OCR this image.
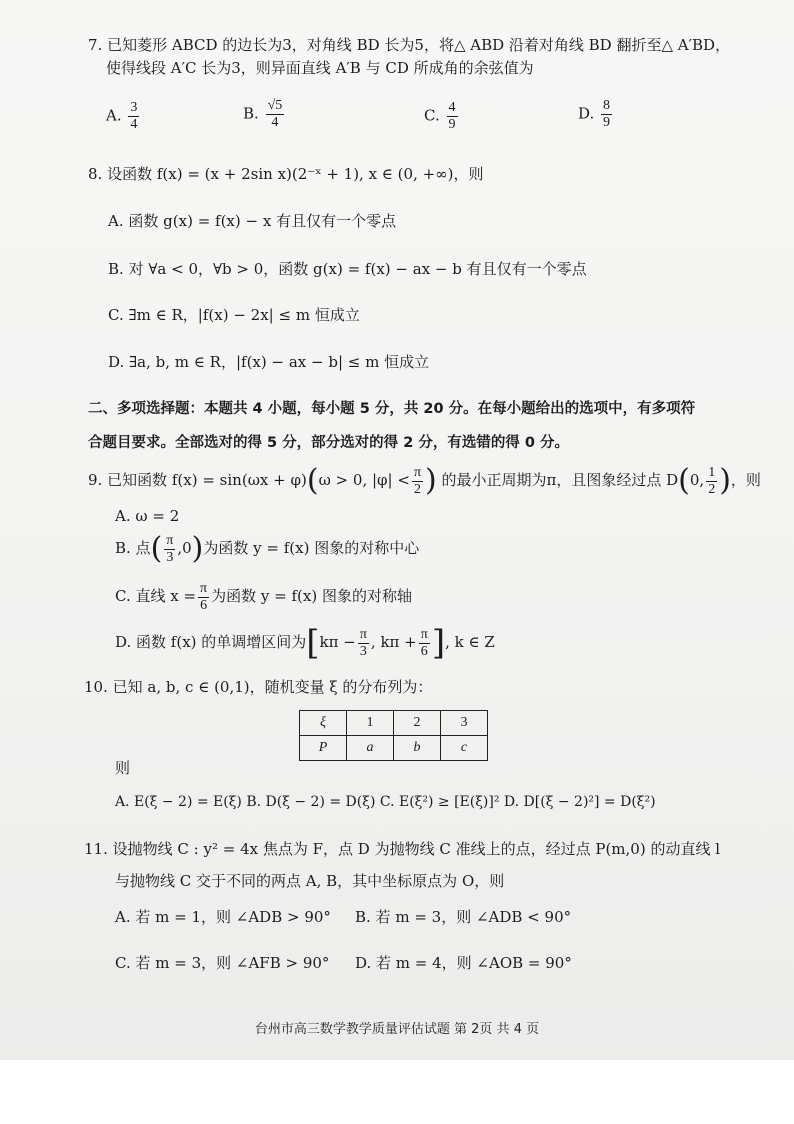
7. 已知菱形 ABCD 的边长为3，对角线 BD 长为5，将△ ABD 沿着对角线 BD 翻折至△ A′BD，
使得线段 A′C 长为3，则异面直线 A′B 与 CD 所成角的余弦值为
A. $\frac{3}{4}$	B. $\frac{√5}{4}$	C. $\frac{4}{9}$	D. $\frac{8}{9}$
8. 设函数 f(x) = (x + 2sin x)(2⁻ˣ + 1), x ∈ (0, +∞)，则
A. 函数 g(x) = f(x) − x 有且仅有一个零点
B. 对 ∀a < 0，∀b > 0，函数 g(x) = f(x) − ax − b 有且仅有一个零点
C. ∃m ∈ R，|f(x) − 2x| ≤ m 恒成立
D. ∃a, b, m ∈ R，|f(x) − ax − b| ≤ m 恒成立
二、多项选择题：本题共 4 小题，每小题 5 分，共 20 分。在每小题给出的选项中，有多项符
合题目要求。全部选对的得 5 分，部分选对的得 2 分，有选错的得 0 分。
9. 已知函数 f(x) = sin(ωx + φ)(ω > 0, $|\varphi| < \frac{\pi}{2}$ ) 的最小正周期为π，且图象经过点 D(0, $\frac{1}{2}$ )，则
A. ω = 2
B. 点( $\frac{\pi}{3} ,0$)为函数 y = f(x) 图象的对称中心
C. 直线 $x = \frac{\pi}{6}$ 为函数 y = f(x) 图象的对称轴
D. 函数 f(x) 的单调增区间为[$k\pi - \frac{\pi}{3}$ , $k\pi + \frac{\pi}{6}$ ], k ∈ Z
10. 已知 a, b, c ∈ (0,1)，随机变量 ξ 的分布列为：
ξ	1	2	3
P	a	b	c
则
A. E(ξ − 2) = E(ξ) B. D(ξ − 2) = D(ξ) C. E(ξ²) ≥ [E(ξ)]² D. D[(ξ − 2)²] = D(ξ²)
11. 设抛物线 C : y² = 4x 焦点为 F，点 D 为抛物线 C 准线上的点，经过点 P(m,0) 的动直线 l
与抛物线 C 交于不同的两点 A, B，其中坐标原点为 O，则
A. 若 m = 1，则 ∠ADB > 90° B. 若 m = 3，则 ∠ADB < 90°
C. 若 m = 3，则 ∠AFB > 90° D. 若 m = 4，则 ∠AOB = 90°
台州市高三数学教学质量评估试题 第 2页 共 4 页
